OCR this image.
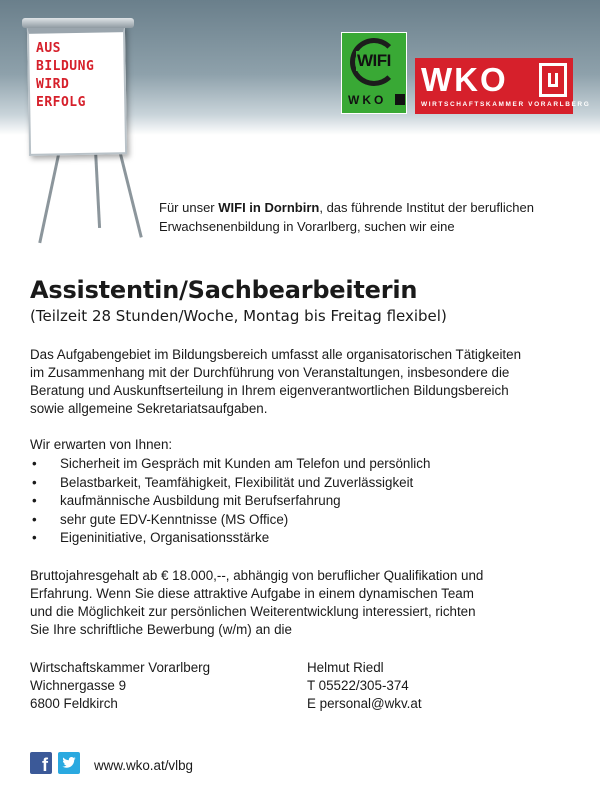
AUS
BILDUNG
WIRD
ERFOLG
WIFI
WKO
WKO
WIRTSCHAFTSKAMMER VORARLBERG
Für unser WIFI in Dornbirn, das führende Institut der beruflichen
Erwachsenenbildung in Vorarlberg, suchen wir eine
Assistentin/Sachbearbeiterin
(Teilzeit 28 Stunden/Woche, Montag bis Freitag flexibel)
Das Aufgabengebiet im Bildungsbereich umfasst alle organisatorischen Tätigkeiten
im Zusammenhang mit der Durchführung von Veranstaltungen, insbesondere die
Beratung und Auskunftserteilung in Ihrem eigenverantwortlichen Bildungsbereich
sowie allgemeine Sekretariatsaufgaben.
Wir erwarten von Ihnen:
• Sicherheit im Gespräch mit Kunden am Telefon und persönlich
• Belastbarkeit, Teamfähigkeit, Flexibilität und Zuverlässigkeit
• kaufmännische Ausbildung mit Berufserfahrung
• sehr gute EDV-Kenntnisse (MS Office)
• Eigeninitiative, Organisationsstärke
Bruttojahresgehalt ab € 18.000,--, abhängig von beruflicher Qualifikation und
Erfahrung. Wenn Sie diese attraktive Aufgabe in einem dynamischen Team
und die Möglichkeit zur persönlichen Weiterentwicklung interessiert, richten
Sie Ihre schriftliche Bewerbung (w/m) an die
Wirtschaftskammer Vorarlberg
Wichnergasse 9
6800 Feldkirch
Helmut Riedl
T 05522/305-374
E personal@wkv.at
f	www.wko.at/vlbg
